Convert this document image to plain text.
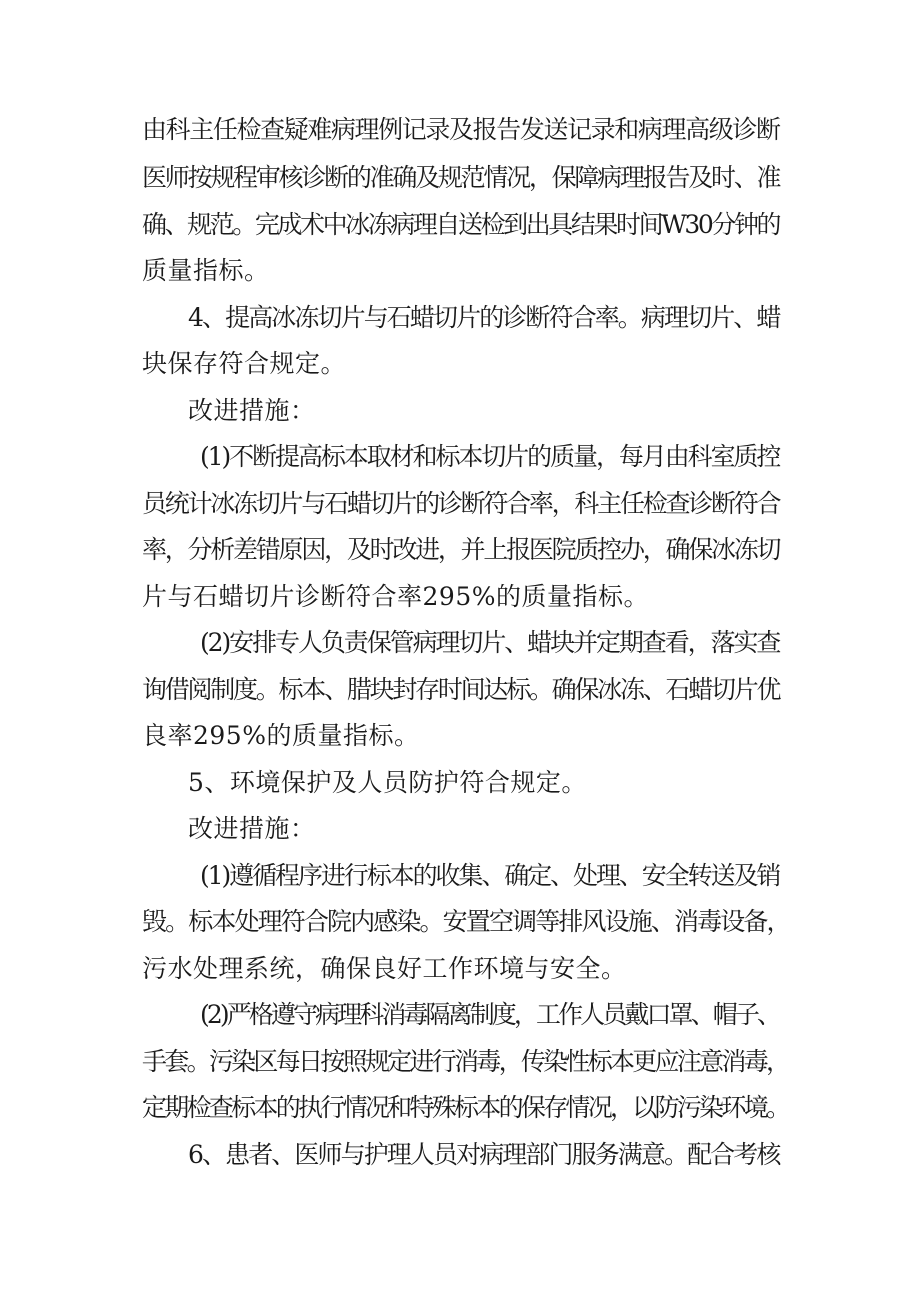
由科主任检查疑难病理例记录及报告发送记录和病理高级诊断
医师按规程审核诊断的准确及规范情况，保障病理报告及时、准
确、规范。完成术中冰冻病理自送检到出具结果时间W30分钟的
质量指标。
4、提高冰冻切片与石蜡切片的诊断符合率。病理切片、蜡
块保存符合规定。
改进措施：
(1)不断提高标本取材和标本切片的质量，每月由科室质控
员统计冰冻切片与石蜡切片的诊断符合率，科主任检查诊断符合
率，分析差错原因，及时改进，并上报医院质控办，确保冰冻切
片与石蜡切片诊断符合率295%的质量指标。
(2)安排专人负责保管病理切片、蜡块并定期查看，落实查
询借阅制度。标本、腊块封存时间达标。确保冰冻、石蜡切片优
良率295%的质量指标。
5、环境保护及人员防护符合规定。
改进措施：
(1)遵循程序进行标本的收集、确定、处理、安全转送及销
毁。标本处理符合院内感染。安置空调等排风设施、消毒设备，
污水处理系统，确保良好工作环境与安全。
(2)严格遵守病理科消毒隔离制度，工作人员戴口罩、帽子、
手套。污染区每日按照规定进行消毒，传染性标本更应注意消毒，
定期检查标本的执行情况和特殊标本的保存情况，以防污染环境。
6、患者、医师与护理人员对病理部门服务满意。配合考核
